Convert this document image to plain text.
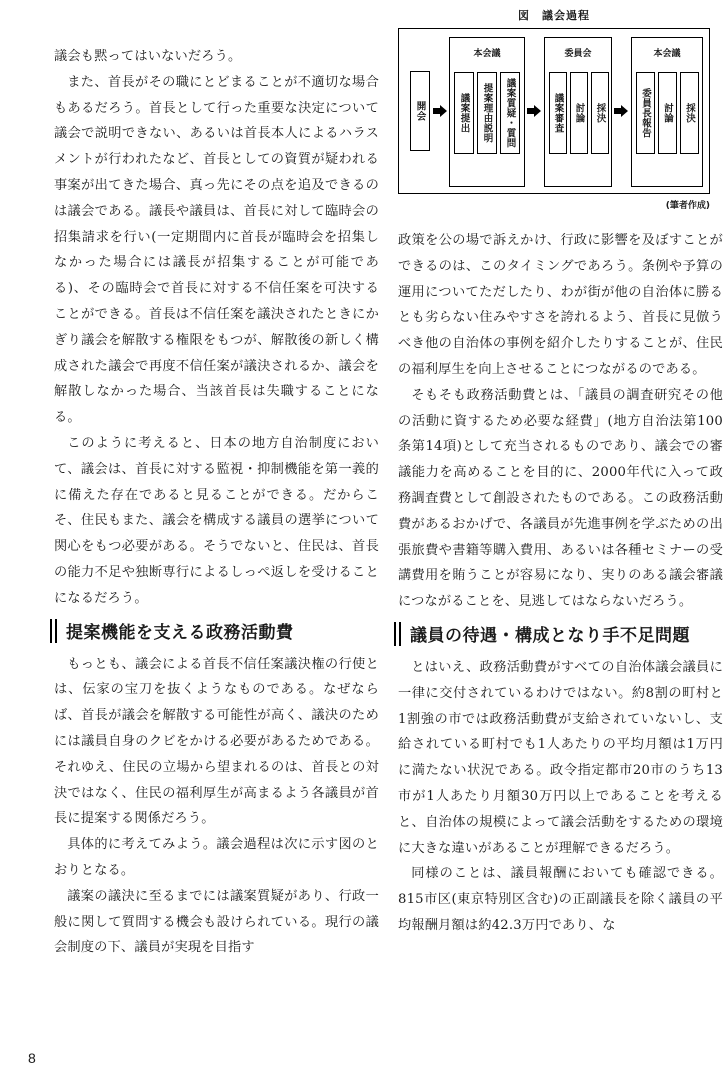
図　議会過程
開会
本会議
議案提出 提案理由説明 議案質疑・質問
委員会
議案審査 討論 採決
本会議
委員長報告 討論 採決
(筆者作成)

議会も黙ってはいないだろう。

また、首長がその職にとどまることが不適切な場合もあるだろう。首長として行った重要な決定について議会で説明できない、あるいは首長本人によるハラスメントが行われたなど、首長としての資質が疑われる事案が出てきた場合、真っ先にその点を追及できるのは議会である。議長や議員は、首長に対して臨時会の招集請求を行い(一定期間内に首長が臨時会を招集しなかった場合には議長が招集することが可能である)、その臨時会で首長に対する不信任案を可決することができる。首長は不信任案を議決されたときにかぎり議会を解散する権限をもつが、解散後の新しく構成された議会で再度不信任案が議決されるか、議会を解散しなかった場合、当該首長は失職することになる。

このように考えると、日本の地方自治制度において、議会は、首長に対する監視・抑制機能を第一義的に備えた存在であると見ることができる。だからこそ、住民もまた、議会を構成する議員の選挙について関心をもつ必要がある。そうでないと、住民は、首長の能力不足や独断専行によるしっぺ返しを受けることになるだろう。

提案機能を支える政務活動費

もっとも、議会による首長不信任案議決権の行使とは、伝家の宝刀を抜くようなものである。なぜならば、首長が議会を解散する可能性が高く、議決のためには議員自身のクビをかける必要があるためである。それゆえ、住民の立場から望まれるのは、首長との対決ではなく、住民の福利厚生が高まるよう各議員が首長に提案する関係だろう。

具体的に考えてみよう。議会過程は次に示す図のとおりとなる。

議案の議決に至るまでには議案質疑があり、行政一般に関して質問する機会も設けられている。現行の議会制度の下、議員が実現を目指す

政策を公の場で訴えかけ、行政に影響を及ぼすことができるのは、このタイミングであろう。条例や予算の運用についてただしたり、わが街が他の自治体に勝るとも劣らない住みやすさを誇れるよう、首長に見倣うべき他の自治体の事例を紹介したりすることが、住民の福利厚生を向上させることにつながるのである。

そもそも政務活動費とは、「議員の調査研究その他の活動に資するため必要な経費」(地方自治法第100条第14項)として充当されるものであり、議会での審議能力を高めることを目的に、2000年代に入って政務調査費として創設されたものである。この政務活動費があるおかげで、各議員が先進事例を学ぶための出張旅費や書籍等購入費用、あるいは各種セミナーの受講費用を賄うことが容易になり、実りのある議会審議につながることを、見逃してはならないだろう。

議員の待遇・構成となり手不足問題

とはいえ、政務活動費がすべての自治体議会議員に一律に交付されているわけではない。約8割の町村と1割強の市では政務活動費が支給されていないし、支給されている町村でも1人あたりの平均月額は1万円に満たない状況である。政令指定都市20市のうち13市が1人あたり月額30万円以上であることを考えると、自治体の規模によって議会活動をするための環境に大きな違いがあることが理解できるだろう。

同様のことは、議員報酬においても確認できる。815市区(東京特別区含む)の正副議長を除く議員の平均報酬月額は約42.3万円であり、な

8
